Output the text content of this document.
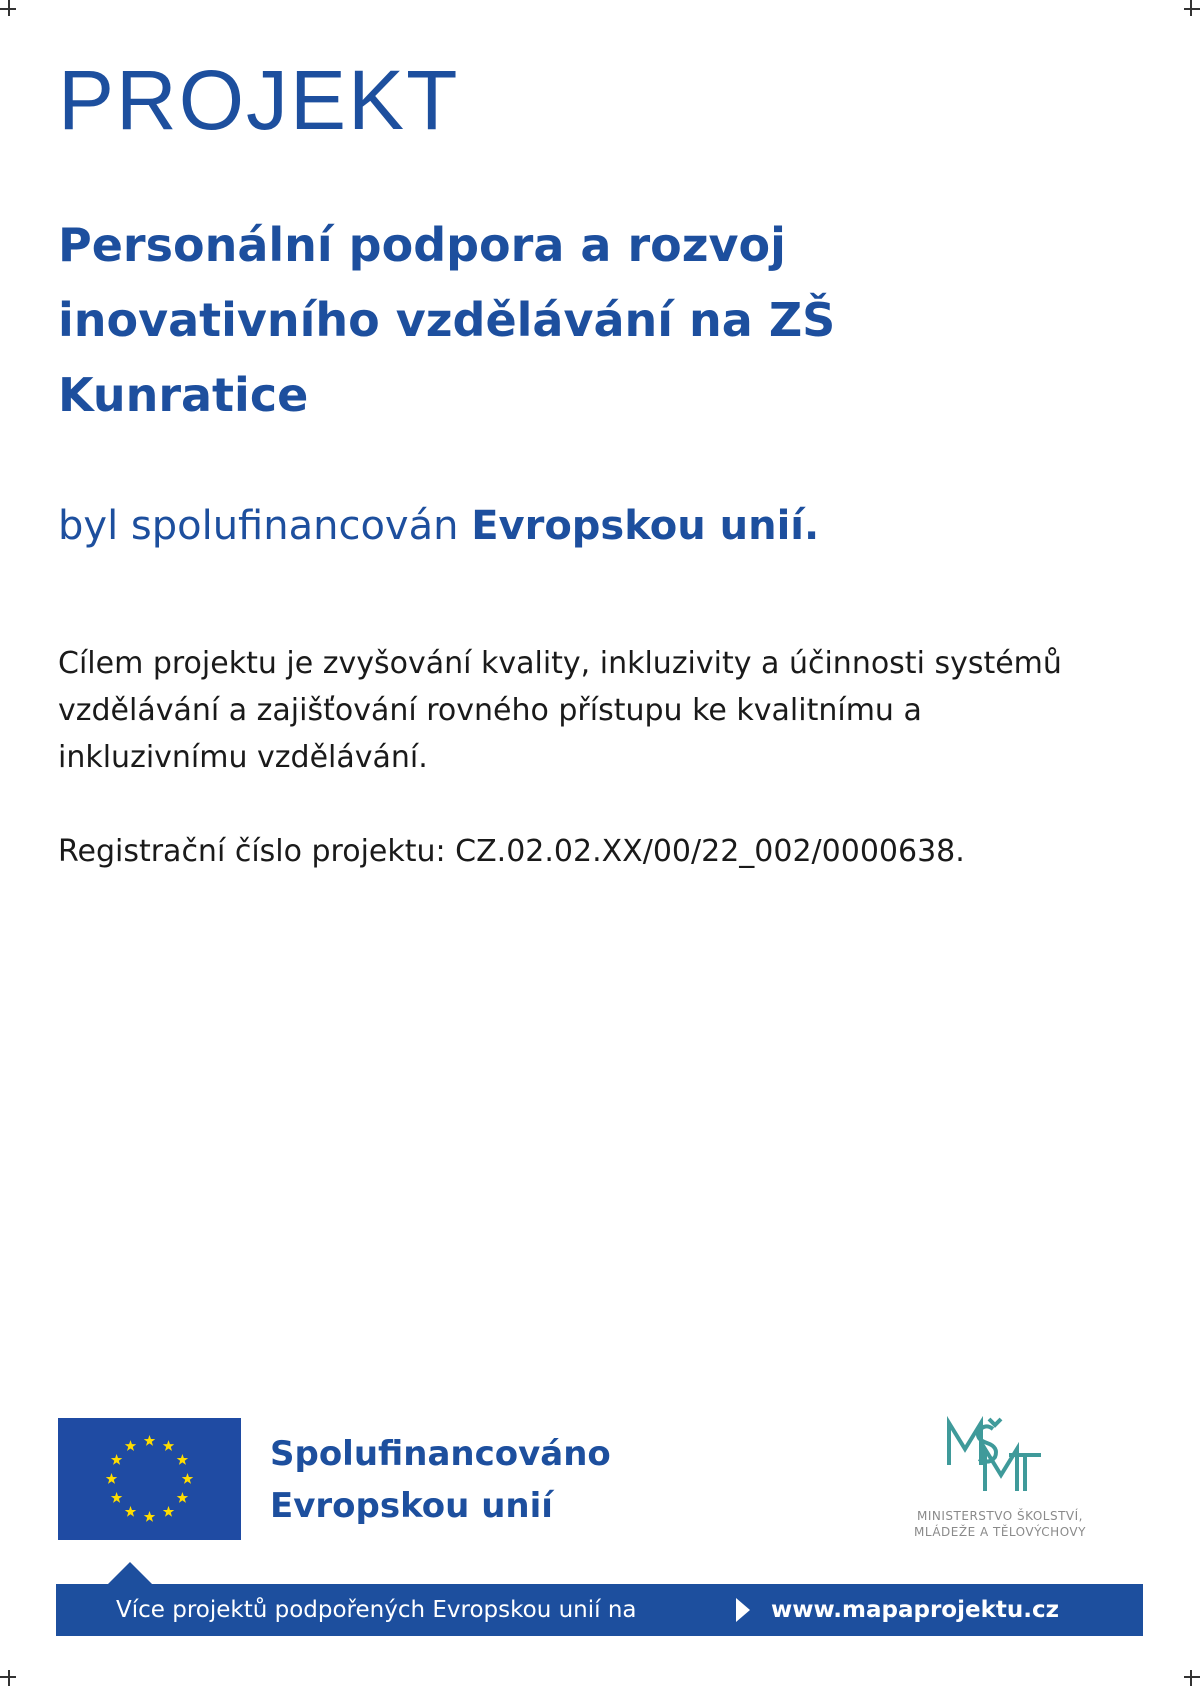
PROJEKT
Personální podpora a rozvoj inovativního vzdělávání na ZŠ Kunratice
byl spolufinancován Evropskou unií.
Cílem projektu je zvyšování kvality, inkluzivity a účinnosti systémů vzdělávání a zajišťování rovného přístupu ke kvalitnímu a inkluzivnímu vzdělávání.
Registrační číslo projektu: CZ.02.02.XX/00/22_002/0000638.
Spolufinancováno
Evropskou unií	MINISTERSTVO ŠKOLSTVÍ,
MLÁDEŽE A TĚLOVÝCHOVY
Více projektů podpořených Evropskou unií na	www.mapaprojektu.cz
